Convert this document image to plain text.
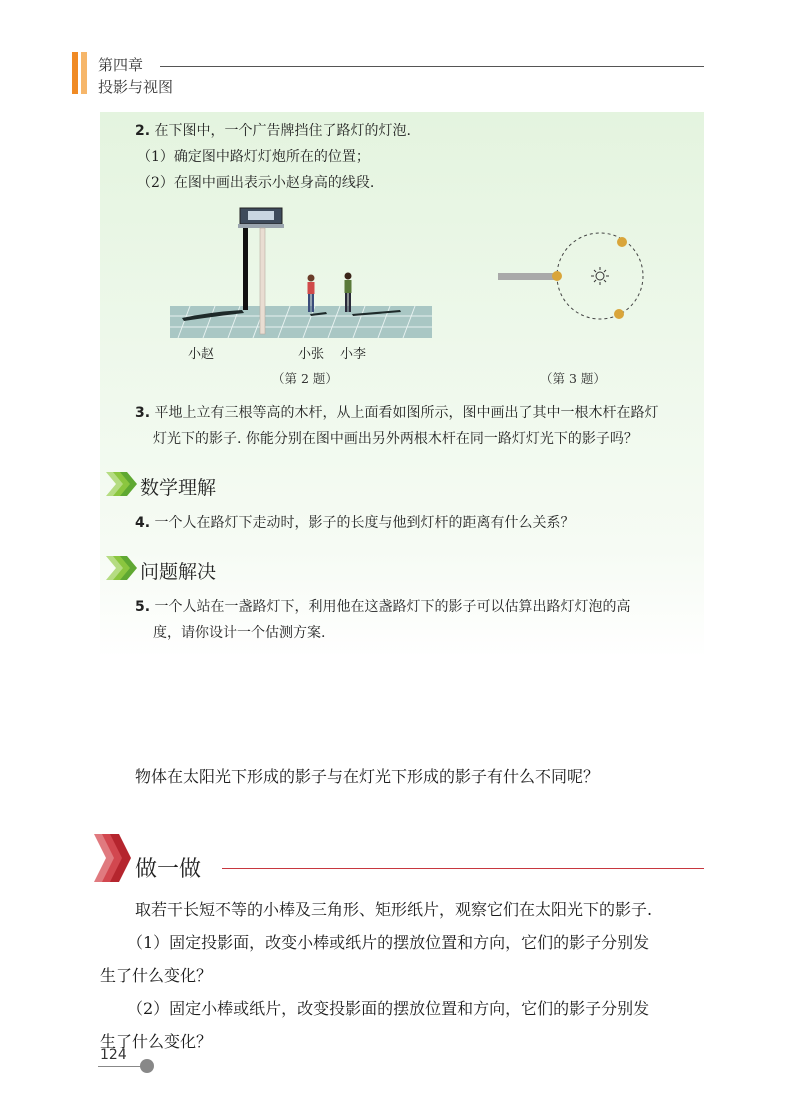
第四章
投影与视图
2. 在下图中，一个广告牌挡住了路灯的灯泡.
（1）确定图中路灯灯炮所在的位置；
（2）在图中画出表示小赵身高的线段.
小赵	小张 小李
（第 2 题）	（第 3 题）
3. 平地上立有三根等高的木杆，从上面看如图所示，图中画出了其中一根木杆在路灯
灯光下的影子. 你能分别在图中画出另外两根木杆在同一路灯灯光下的影子吗？
数学理解
4. 一个人在路灯下走动时，影子的长度与他到灯杆的距离有什么关系？
问题解决
5. 一个人站在一盏路灯下，利用他在这盏路灯下的影子可以估算出路灯灯泡的高
度，请你设计一个估测方案.
物体在太阳光下形成的影子与在灯光下形成的影子有什么不同呢？
做一做
取若干长短不等的小棒及三角形、矩形纸片，观察它们在太阳光下的影子.
（1）固定投影面，改变小棒或纸片的摆放位置和方向，它们的影子分别发
生了什么变化？
（2）固定小棒或纸片，改变投影面的摆放位置和方向，它们的影子分别发
生了什么变化？
124
